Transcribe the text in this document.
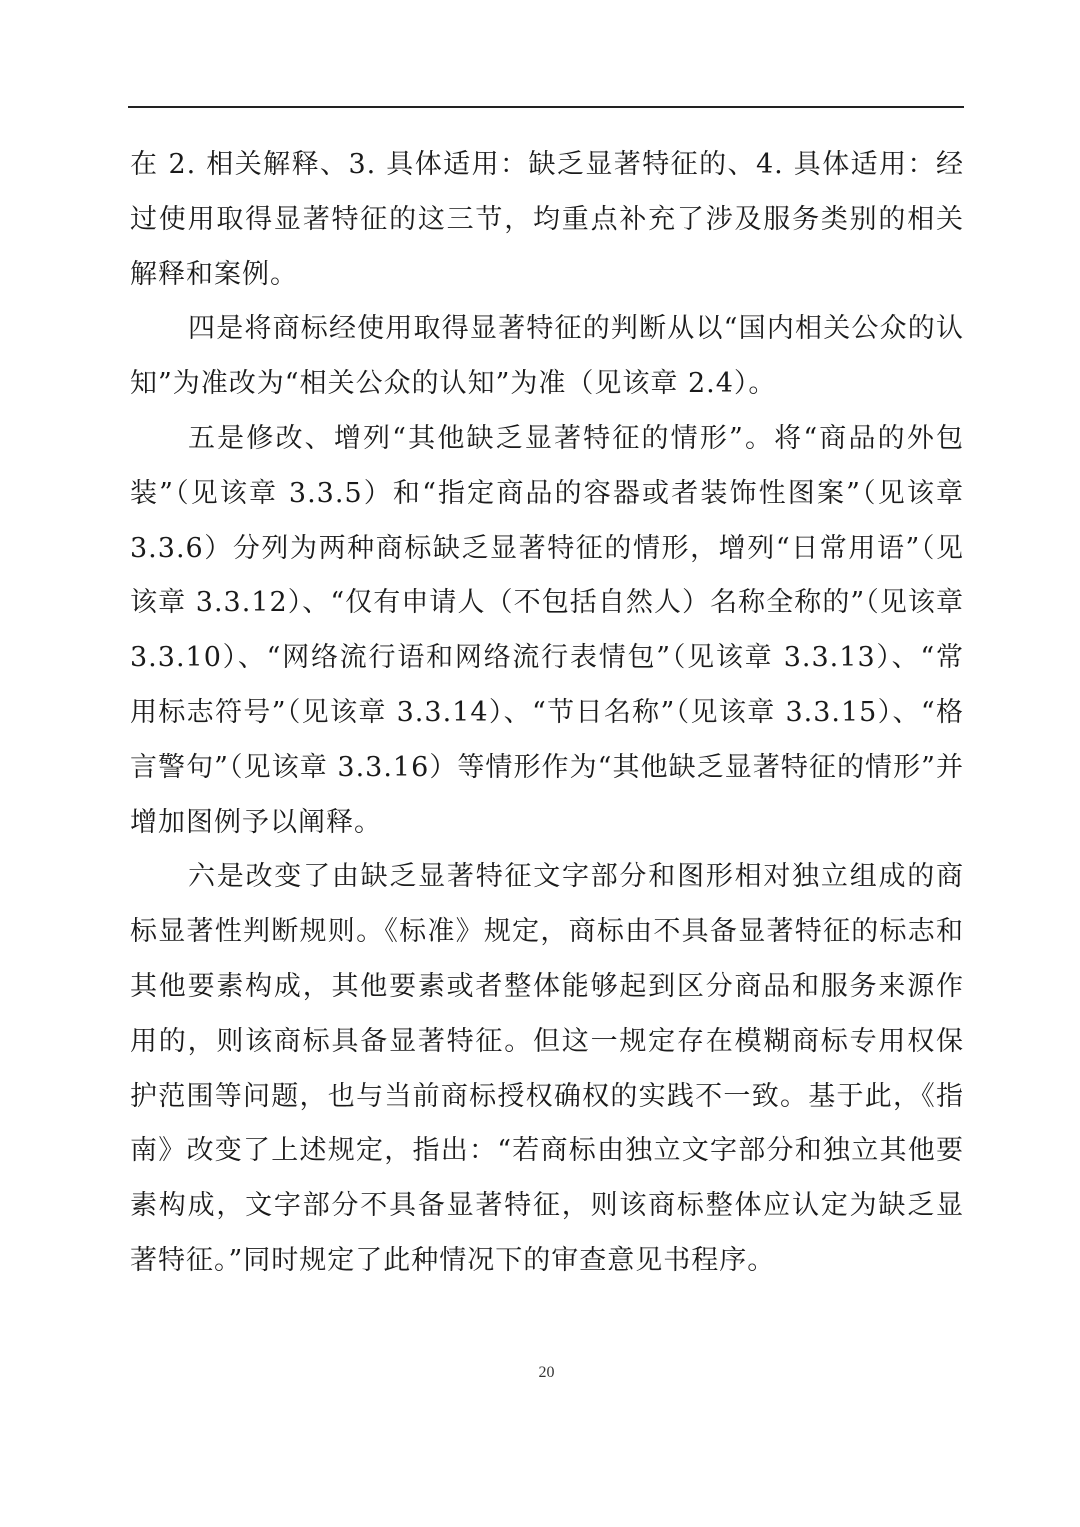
在 2. 相关解释、3. 具体适用：缺乏显著特征的、4. 具体适用：经过使用取得显著特征的这三节，均重点补充了涉及服务类别的相关解释和案例。

四是将商标经使用取得显著特征的判断从以“国内相关公众的认知”为准改为“相关公众的认知”为准（见该章 2.4）。

五是修改、增列“其他缺乏显著特征的情形”。将“商品的外包装”（见该章 3.3.5）和“指定商品的容器或者装饰性图案”（见该章 3.3.6）分列为两种商标缺乏显著特征的情形，增列“日常用语”（见该章 3.3.12）、“仅有申请人（不包括自然人）名称全称的”（见该章 3.3.10）、“网络流行语和网络流行表情包”（见该章 3.3.13）、“常用标志符号”（见该章 3.3.14）、“节日名称”（见该章 3.3.15）、“格言警句”（见该章 3.3.16）等情形作为“其他缺乏显著特征的情形”并增加图例予以阐释。

六是改变了由缺乏显著特征文字部分和图形相对独立组成的商标显著性判断规则。《标准》规定，商标由不具备显著特征的标志和其他要素构成，其他要素或者整体能够起到区分商品和服务来源作用的，则该商标具备显著特征。但这一规定存在模糊商标专用权保护范围等问题，也与当前商标授权确权的实践不一致。基于此，《指南》改变了上述规定，指出：“若商标由独立文字部分和独立其他要素构成，文字部分不具备显著特征，则该商标整体应认定为缺乏显著特征。”同时规定了此种情况下的审查意见书程序。

20
